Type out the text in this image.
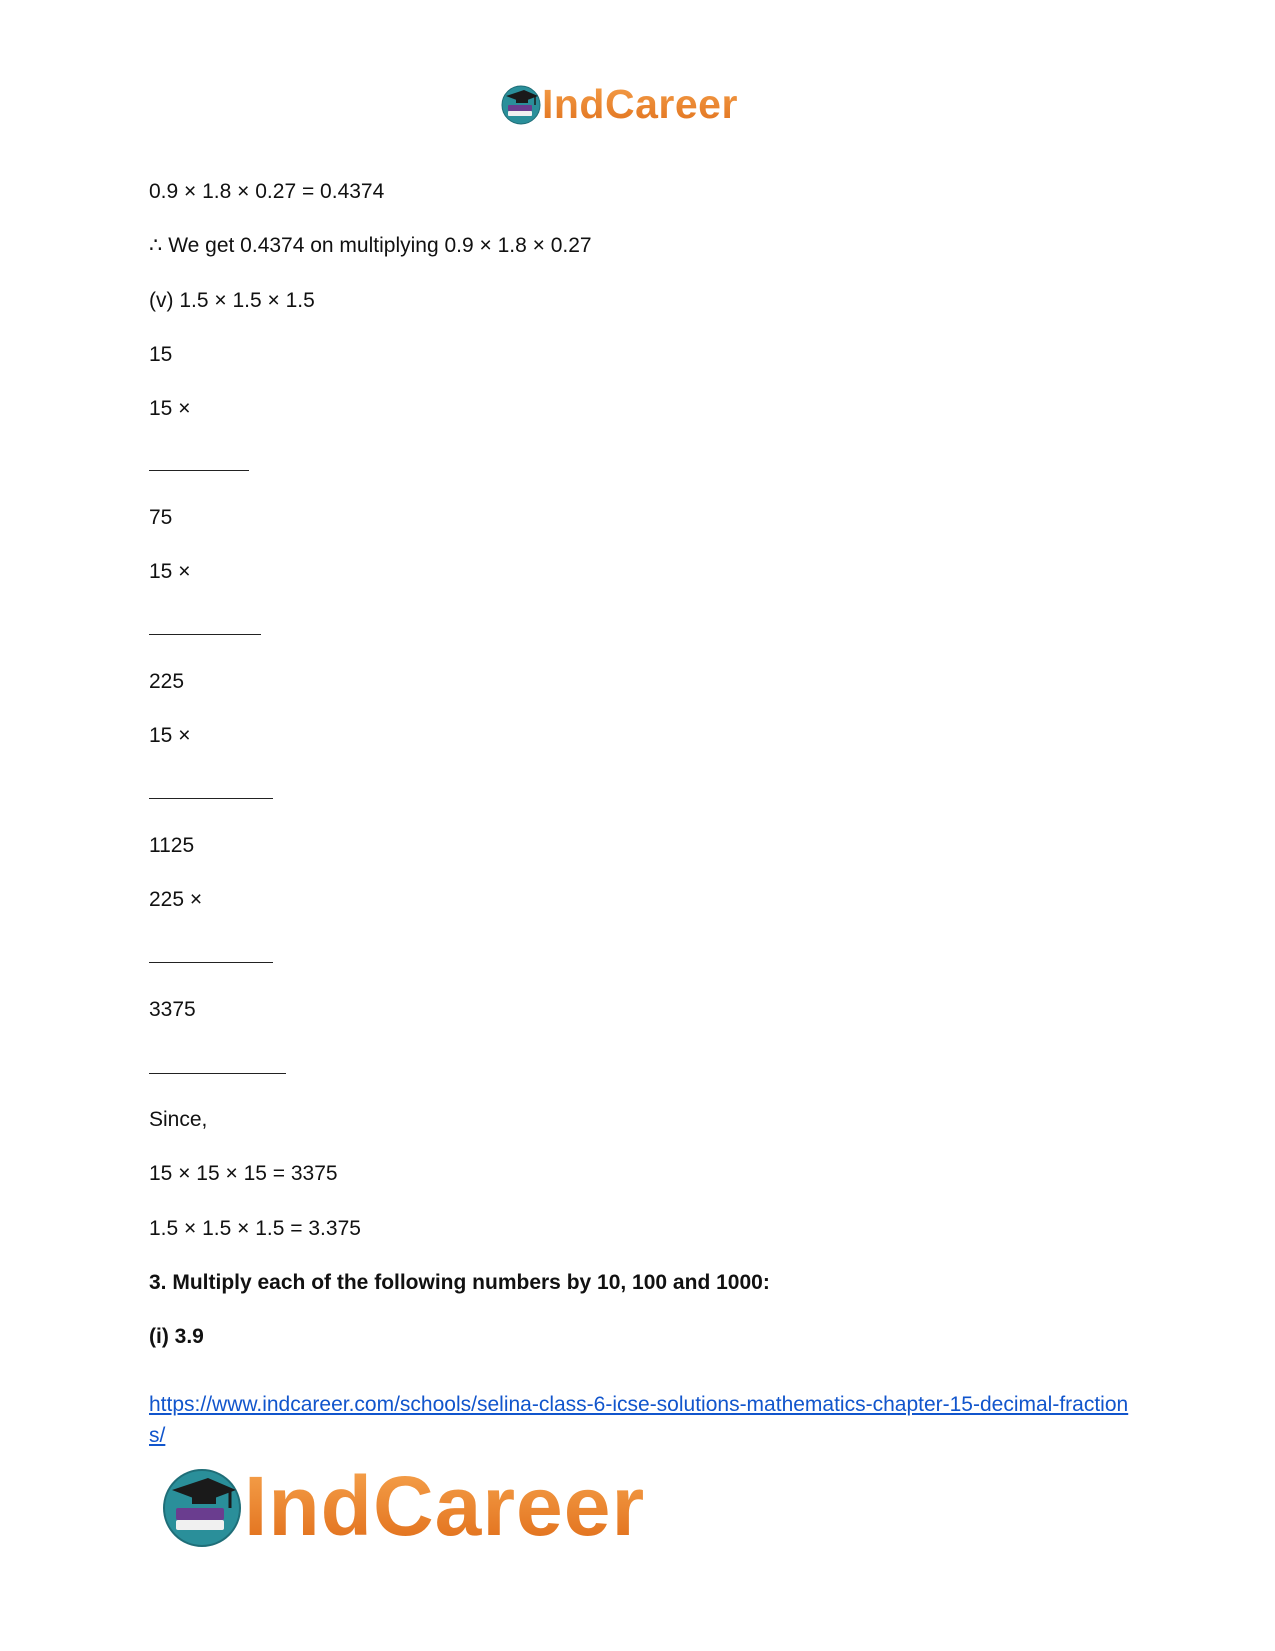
IndCareer
0.9 × 1.8 × 0.27 = 0.4374
∴ We get 0.4374 on multiplying 0.9 × 1.8 × 0.27
(v) 1.5 × 1.5 × 1.5
15
15 ×
75
15 ×
225
15 ×
1125
225 ×
3375
Since,
15 × 15 × 15 = 3375
1.5 × 1.5 × 1.5 = 3.375
3. Multiply each of the following numbers by 10, 100 and 1000:
(i) 3.9
https://www.indcareer.com/schools/selina-class-6-icse-solutions-mathematics-chapter-15-decimal-fractions/
IndCareer
